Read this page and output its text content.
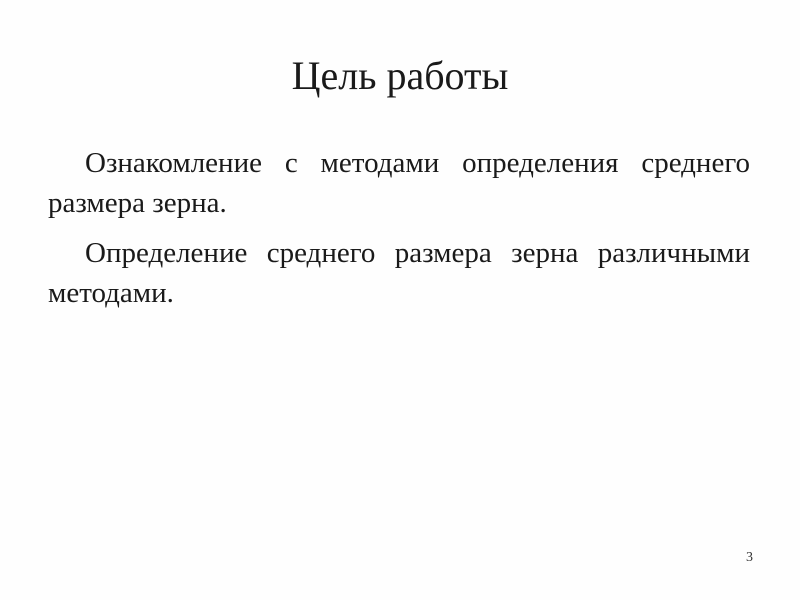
Цель работы

Ознакомление с методами определения среднего размера зерна.

Определение среднего размера зерна различными методами.

3
